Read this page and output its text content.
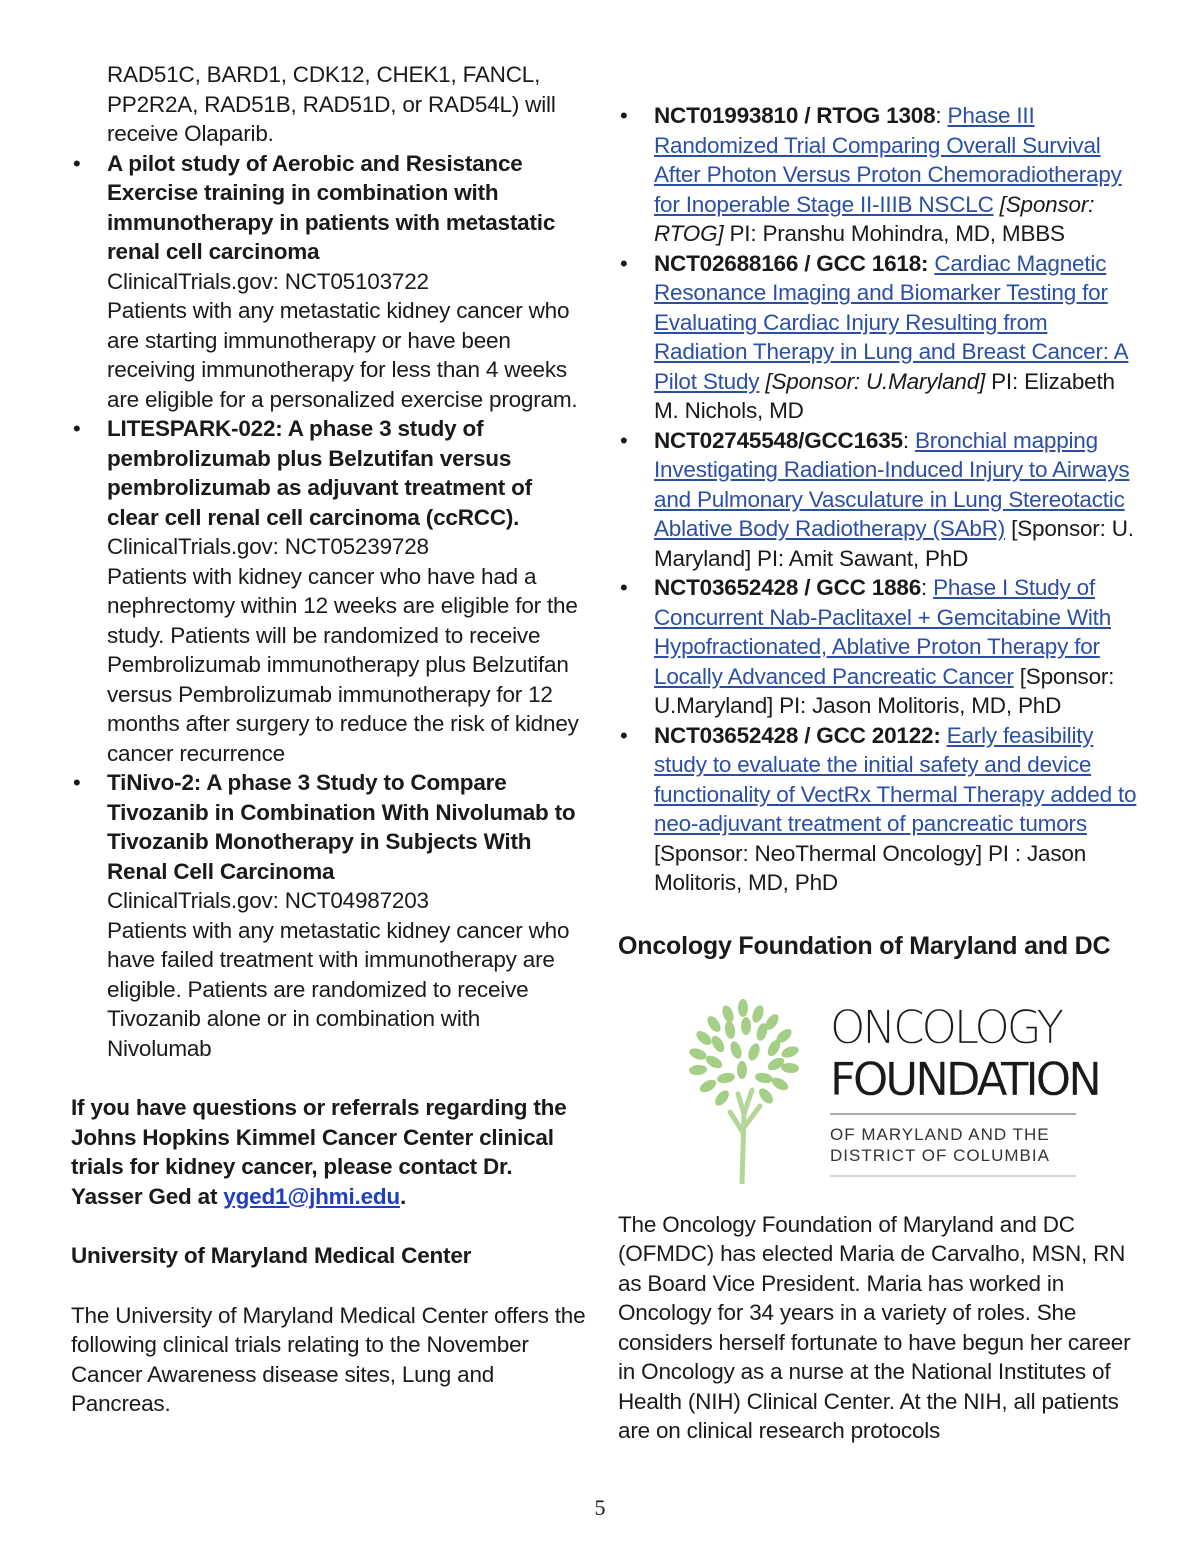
RAD51C, BARD1, CDK12, CHEK1, FANCL, PP2R2A, RAD51B, RAD51D, or RAD54L) will receive Olaparib.
• A pilot study of Aerobic and Resistance Exercise training in combination with immunotherapy in patients with metastatic renal cell carcinoma
ClinicalTrials.gov: NCT05103722
Patients with any metastatic kidney cancer who are starting immunotherapy or have been receiving immunotherapy for less than 4 weeks are eligible for a personalized exercise program.
• LITESPARK-022: A phase 3 study of pembrolizumab plus Belzutifan versus pembrolizumab as adjuvant treatment of clear cell renal cell carcinoma (ccRCC).
ClinicalTrials.gov: NCT05239728
Patients with kidney cancer who have had a nephrectomy within 12 weeks are eligible for the study. Patients will be randomized to receive Pembrolizumab immunotherapy plus Belzutifan versus Pembrolizumab immunotherapy for 12 months after surgery to reduce the risk of kidney cancer recurrence
• TiNivo-2: A phase 3 Study to Compare Tivozanib in Combination With Nivolumab to Tivozanib Monotherapy in Subjects With Renal Cell Carcinoma
ClinicalTrials.gov: NCT04987203
Patients with any metastatic kidney cancer who have failed treatment with immunotherapy are eligible. Patients are randomized to receive Tivozanib alone or in combination with Nivolumab
If you have questions or referrals regarding the Johns Hopkins Kimmel Cancer Center clinical trials for kidney cancer, please contact Dr. Yasser Ged at yged1@jhmi.edu.
University of Maryland Medical Center
The University of Maryland Medical Center offers the following clinical trials relating to the November Cancer Awareness disease sites, Lung and Pancreas.
• NCT01993810 / RTOG 1308: Phase III Randomized Trial Comparing Overall Survival After Photon Versus Proton Chemoradiotherapy for Inoperable Stage II-IIIB NSCLC [Sponsor: RTOG] PI: Pranshu Mohindra, MD, MBBS
• NCT02688166 / GCC 1618: Cardiac Magnetic Resonance Imaging and Biomarker Testing for Evaluating Cardiac Injury Resulting from Radiation Therapy in Lung and Breast Cancer: A Pilot Study [Sponsor: U.Maryland] PI: Elizabeth M. Nichols, MD
• NCT02745548/GCC1635: Bronchial mapping Investigating Radiation-Induced Injury to Airways and Pulmonary Vasculature in Lung Stereotactic Ablative Body Radiotherapy (SAbR) [Sponsor: U. Maryland] PI: Amit Sawant, PhD
• NCT03652428 / GCC 1886: Phase I Study of Concurrent Nab-Paclitaxel + Gemcitabine With Hypofractionated, Ablative Proton Therapy for Locally Advanced Pancreatic Cancer [Sponsor: U.Maryland] PI: Jason Molitoris, MD, PhD
• NCT03652428 / GCC 20122: Early feasibility study to evaluate the initial safety and device functionality of VectRx Thermal Therapy added to neo-adjuvant treatment of pancreatic tumors [Sponsor: NeoThermal Oncology] PI : Jason Molitoris, MD, PhD
Oncology Foundation of Maryland and DC
ONCOLOGY
FOUNDATION
OF MARYLAND AND THE
DISTRICT OF COLUMBIA
The Oncology Foundation of Maryland and DC (OFMDC) has elected Maria de Carvalho, MSN, RN as Board Vice President. Maria has worked in Oncology for 34 years in a variety of roles. She considers herself fortunate to have begun her career in Oncology as a nurse at the National Institutes of Health (NIH) Clinical Center. At the NIH, all patients are on clinical research protocols
5
